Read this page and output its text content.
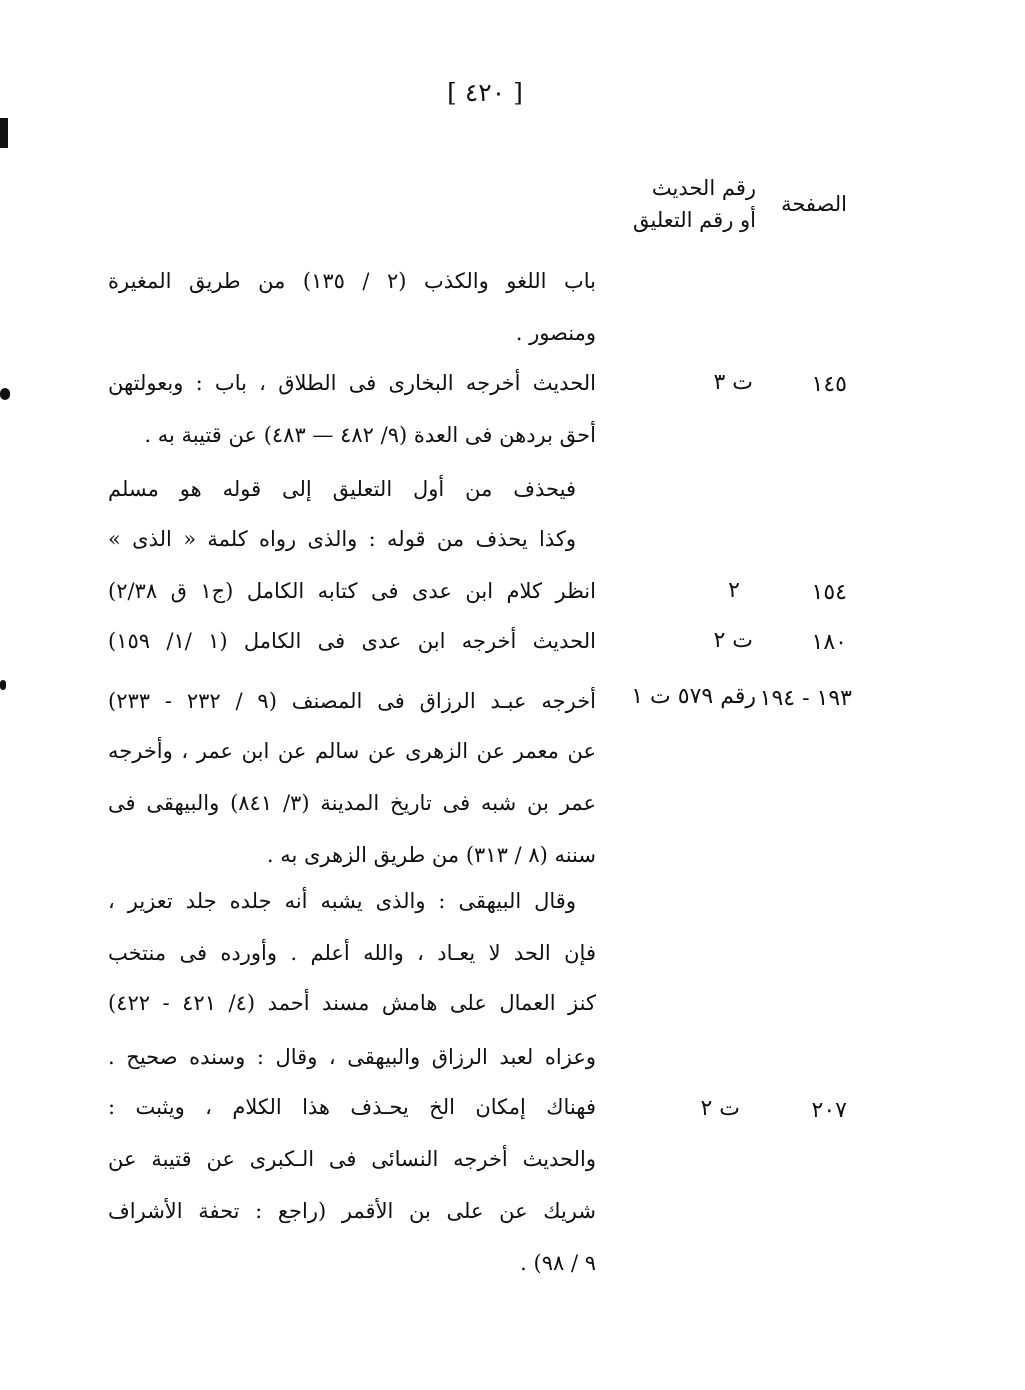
[ ٤٢٠ ]
الصفحة
رقم الحديث
أو رقم التعليق
باب اللغو والكذب (٢ / ١٣٥) من طريق المغيرة
ومنصور .
١٤٥
ت ٣
الحديث أخرجه البخارى فى الطلاق ، باب : وبعولتهن
أحق بردهن فى العدة (٩/ ٤٨٢ — ٤٨٣) عن قتيبة به .
فيحذف من أول التعليق إلى قوله هو مسلم
وكذا يحذف من قوله : والذى رواه كلمة « الذى »
١٥٤
٢
انظر كلام ابن عدى فى كتابه الكامل (ج١ ق ٢/٣٨)
١٨٠
ت ٢
الحديث أخرجه ابن عدى فى الكامل (١ /١/ ١٥٩)
١٩٣ - ١٩٤
رقم ٥٧٩ ت ١
أخرجه عبـد الرزاق فى المصنف (٩ / ٢٣٢ - ٢٣٣)
عن معمر عن الزهرى عن سالم عن ابن عمر ، وأخرجه
عمر بن شبه فى تاريخ المدينة (٣/ ٨٤١) والبيهقى فى
سننه (٨ / ٣١٣) من طريق الزهرى به .
وقال البيهقى : والذى يشبه أنه جلده جلد تعزير ،
فإن الحد لا يعـاد ، والله أعلم . وأورده فى منتخب
كنز العمال على هامش مسند أحمد (٤/ ٤٢١ - ٤٢٢)
وعزاه لعبد الرزاق والبيهقى ، وقال : وسنده صحيح .
٢٠٧
ت ٢
فهناك إمكان الخ يحـذف هذا الكلام ، ويثبت :
والحديث أخرجه النسائى فى الـكبرى عن قتيبة عن
شريك عن على بن الأقمر (راجع : تحفة الأشراف
٩ / ٩٨) .
